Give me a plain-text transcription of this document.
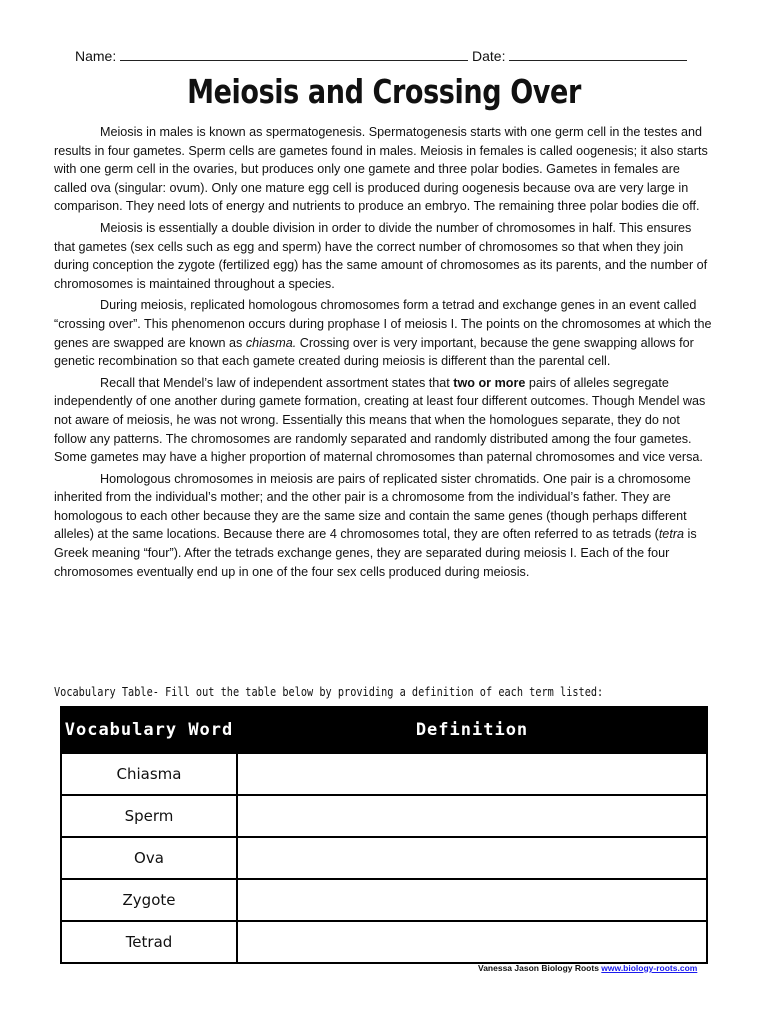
Name:	Date:
Meiosis and Crossing Over

Meiosis in males is known as spermatogenesis. Spermatogenesis starts with one germ cell in the testes and results in four gametes. Sperm cells are gametes found in males. Meiosis in females is called oogenesis; it also starts with one germ cell in the ovaries, but produces only one gamete and three polar bodies. Gametes in females are called ova (singular: ovum). Only one mature egg cell is produced during oogenesis because ova are very large in comparison. They need lots of energy and nutrients to produce an embryo. The remaining three polar bodies die off.

Meiosis is essentially a double division in order to divide the number of chromosomes in half. This ensures that gametes (sex cells such as egg and sperm) have the correct number of chromosomes so that when they join during conception the zygote (fertilized egg) has the same amount of chromosomes as its parents, and the number of chromosomes is maintained throughout a species.

During meiosis, replicated homologous chromosomes form a tetrad and exchange genes in an event called “crossing over”. This phenomenon occurs during prophase I of meiosis I. The points on the chromosomes at which the genes are swapped are known as chiasma. Crossing over is very important, because the gene swapping allows for genetic recombination so that each gamete created during meiosis is different than the parental cell.

Recall that Mendel’s law of independent assortment states that two or more pairs of alleles segregate independently of one another during gamete formation, creating at least four different outcomes. Though Mendel was not aware of meiosis, he was not wrong. Essentially this means that when the homologues separate, they do not follow any patterns. The chromosomes are randomly separated and randomly distributed among the four gametes. Some gametes may have a higher proportion of maternal chromosomes than paternal chromosomes and vice versa.

Homologous chromosomes in meiosis are pairs of replicated sister chromatids. One pair is a chromosome inherited from the individual’s mother; and the other pair is a chromosome from the individual’s father. They are homologous to each other because they are the same size and contain the same genes (though perhaps different alleles) at the same locations. Because there are 4 chromosomes total, they are often referred to as tetrads (tetra is Greek meaning “four”). After the tetrads exchange genes, they are separated during meiosis I. Each of the four chromosomes eventually end up in one of the four sex cells produced during meiosis.

Vocabulary Table- Fill out the table below by providing a definition of each term listed:
Vocabulary Word	Definition
Chiasma	
Sperm	
Ova	
Zygote	
Tetrad	
Vanessa Jason Biology Roots www.biology-roots.com
